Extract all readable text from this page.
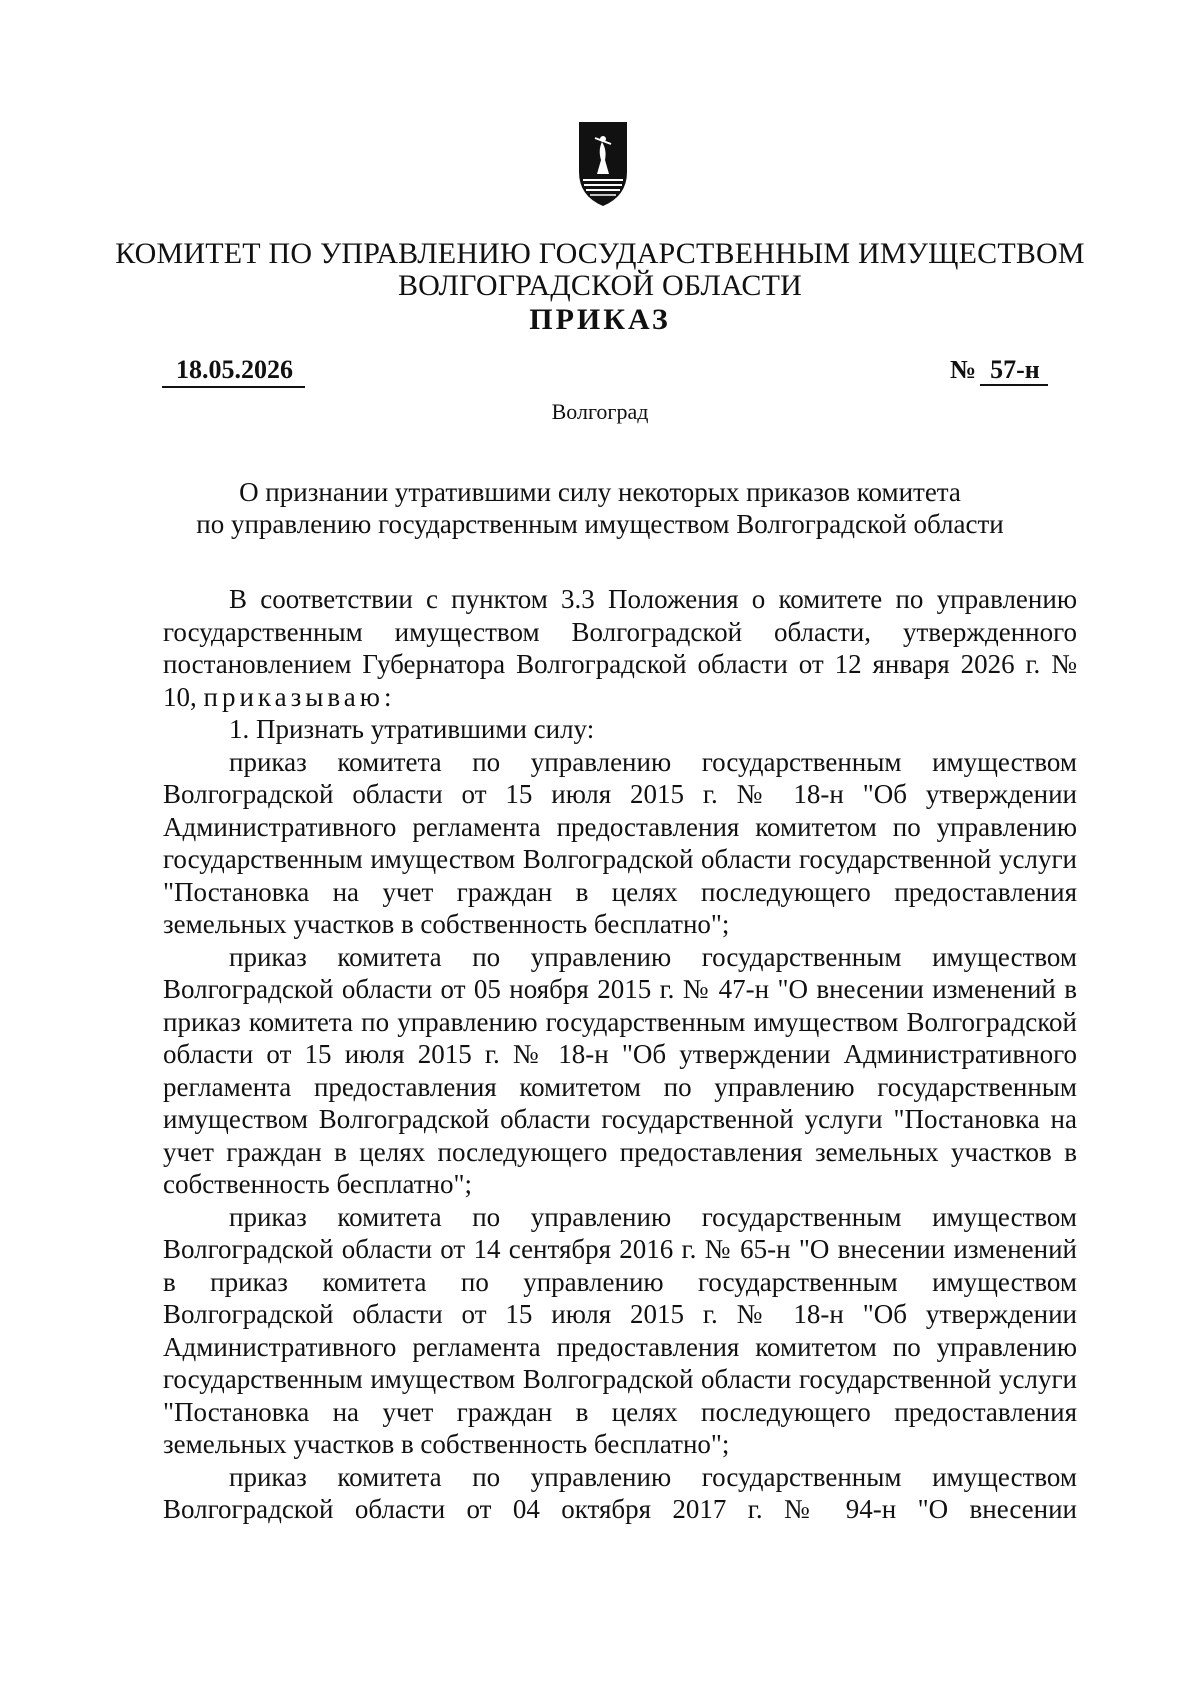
КОМИТЕТ ПО УПРАВЛЕНИЮ ГОСУДАРСТВЕННЫМ ИМУЩЕСТВОМ
ВОЛГОГРАДСКОЙ ОБЛАСТИ
ПРИКАЗ
18.05.2026	№ 57-н
Волгоград
О признании утратившими силу некоторых приказов комитета
по управлению государственным имуществом Волгоградской области

В соответствии с пунктом 3.3 Положения о комитете по управлению государственным имуществом Волгоградской области, утвержденного постановлением Губернатора Волгоградской области от 12 января 2026 г. № 10, приказываю:

1. Признать утратившими силу:

приказ комитета по управлению государственным имуществом Волгоградской области от 15 июля 2015 г. № 18-н "Об утверждении Административного регламента предоставления комитетом по управлению государственным имуществом Волгоградской области государственной услуги "Постановка на учет граждан в целях последующего предоставления земельных участков в собственность бесплатно";

приказ комитета по управлению государственным имуществом Волгоградской области от 05 ноября 2015 г. № 47-н "О внесении изменений в приказ комитета по управлению государственным имуществом Волгоградской области от 15 июля 2015 г. № 18-н "Об утверждении Административного регламента предоставления комитетом по управлению государственным имуществом Волгоградской области государственной услуги "Постановка на учет граждан в целях последующего предоставления земельных участков в собственность бесплатно";

приказ комитета по управлению государственным имуществом Волгоградской области от 14 сентября 2016 г. № 65-н "О внесении изменений в приказ комитета по управлению государственным имуществом Волгоградской области от 15 июля 2015 г. № 18-н "Об утверждении Административного регламента предоставления комитетом по управлению государственным имуществом Волгоградской области государственной услуги "Постановка на учет граждан в целях последующего предоставления земельных участков в собственность бесплатно";

приказ комитета по управлению государственным имуществом Волгоградской области от 04 октября 2017 г. № 94-н "О внесении
